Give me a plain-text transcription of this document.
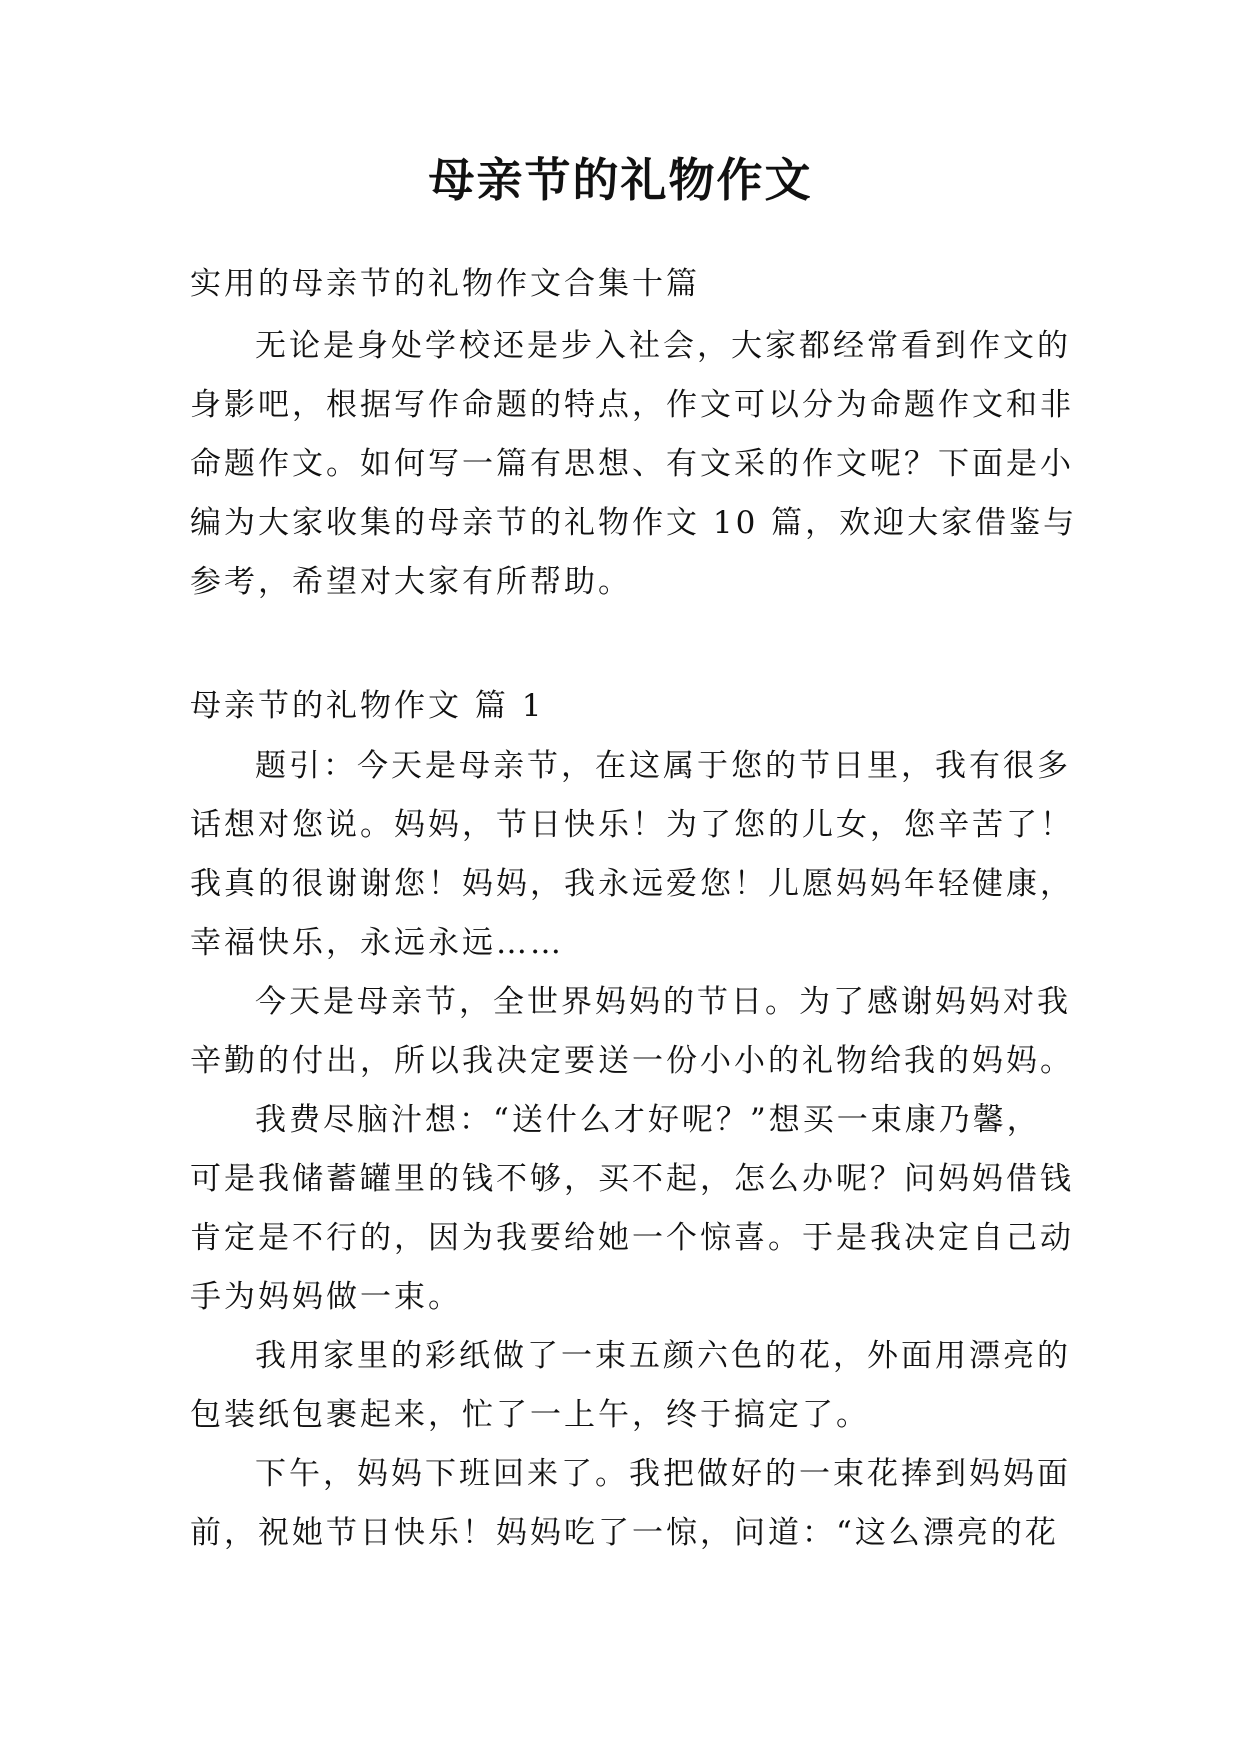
母亲节的礼物作文

实用的母亲节的礼物作文合集十篇

无论是身处学校还是步入社会，大家都经常看到作文的

身影吧，根据写作命题的特点，作文可以分为命题作文和非

命题作文。如何写一篇有思想、有文采的作文呢？下面是小

编为大家收集的母亲节的礼物作文 10 篇，欢迎大家借鉴与

参考，希望对大家有所帮助。

母亲节的礼物作文 篇 1

题引：今天是母亲节，在这属于您的节日里，我有很多

话想对您说。妈妈，节日快乐！为了您的儿女，您辛苦了！

我真的很谢谢您！妈妈，我永远爱您！儿愿妈妈年轻健康，

幸福快乐，永远永远……

今天是母亲节，全世界妈妈的节日。为了感谢妈妈对我

辛勤的付出，所以我决定要送一份小小的礼物给我的妈妈。

我费尽脑汁想：“送什么才好呢？”想买一束康乃馨，

可是我储蓄罐里的钱不够，买不起，怎么办呢？问妈妈借钱

肯定是不行的，因为我要给她一个惊喜。于是我决定自己动

手为妈妈做一束。

我用家里的彩纸做了一束五颜六色的花，外面用漂亮的

包装纸包裹起来，忙了一上午，终于搞定了。

下午，妈妈下班回来了。我把做好的一束花捧到妈妈面

前，祝她节日快乐！妈妈吃了一惊，问道：“这么漂亮的花
